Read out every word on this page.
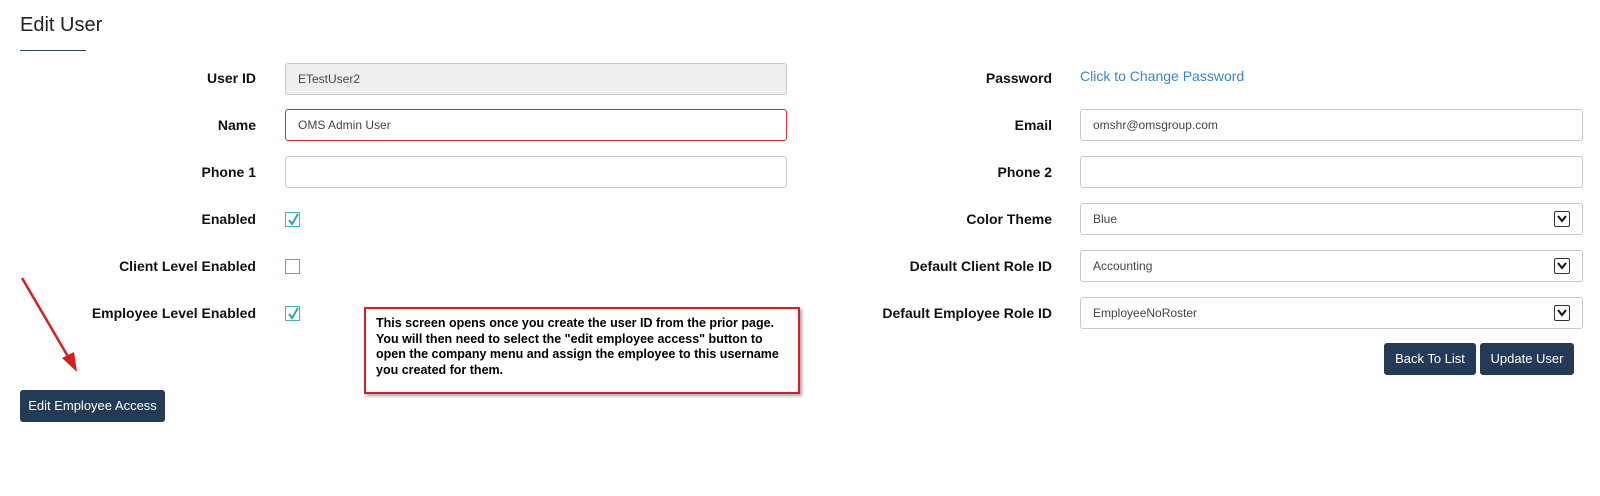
Edit User
User ID	ETestUser2
Name	OMS Admin User
Phone 1
Enabled
Client Level Enabled
Employee Level Enabled
Password Click to Change Password
Email	omshr@omsgroup.com
Phone 2
Color Theme	Blue
Default Client Role ID	Accounting
Default Employee Role ID	EmployeeNoRoster
Back To List	Update User
Edit Employee Access
This screen opens once you create the user ID from the prior page.
You will then need to select the "edit employee access" button to
open the company menu and assign the employee to this username
you created for them.
